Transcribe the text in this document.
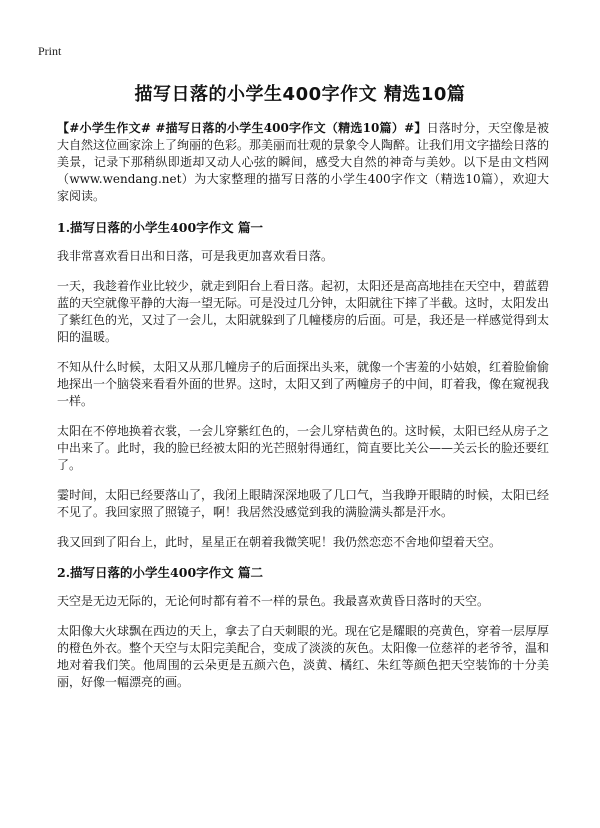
Print
描写日落的小学生400字作文 精选10篇

【#小学生作文# #描写日落的小学生400字作文（精选10篇）#】日落时分，天空像是被大自然这位画家涂上了绚丽的色彩。那美丽而壮观的景象令人陶醉。让我们用文字描绘日落的美景，记录下那稍纵即逝却又动人心弦的瞬间，感受大自然的神奇与美妙。以下是由文档网（www.wendang.net）为大家整理的描写日落的小学生400字作文（精选10篇），欢迎大家阅读。

1.描写日落的小学生400字作文 篇一

我非常喜欢看日出和日落，可是我更加喜欢看日落。

一天，我趁着作业比较少，就走到阳台上看日落。起初，太阳还是高高地挂在天空中，碧蓝碧蓝的天空就像平静的大海一望无际。可是没过几分钟，太阳就往下摔了半截。这时，太阳发出了紫红色的光，又过了一会儿，太阳就躲到了几幢楼房的后面。可是，我还是一样感觉得到太阳的温暖。

不知从什么时候，太阳又从那几幢房子的后面探出头来，就像一个害羞的小姑娘，红着脸偷偷地探出一个脑袋来看看外面的世界。这时，太阳又到了两幢房子的中间，盯着我，像在窥视我一样。

太阳在不停地换着衣裳，一会儿穿紫红色的，一会儿穿桔黄色的。这时候，太阳已经从房子之中出来了。此时，我的脸已经被太阳的光芒照射得通红，简直要比关公——关云长的脸还要红了。

霎时间，太阳已经要落山了，我闭上眼睛深深地吸了几口气，当我睁开眼睛的时候，太阳已经不见了。我回家照了照镜子，啊！我居然没感觉到我的满脸满头都是汗水。

我又回到了阳台上，此时，星星正在朝着我微笑呢！我仍然恋恋不舍地仰望着天空。

2.描写日落的小学生400字作文 篇二

天空是无边无际的，无论何时都有着不一样的景色。我最喜欢黄昏日落时的天空。

太阳像大火球飘在西边的天上，拿去了白天刺眼的光。现在它是耀眼的亮黄色，穿着一层厚厚的橙色外衣。整个天空与太阳完美配合，变成了淡淡的灰色。太阳像一位慈祥的老爷爷，温和地对着我们笑。他周围的云朵更是五颜六色，淡黄、橘红、朱红等颜色把天空装饰的十分美丽，好像一幅漂亮的画。
